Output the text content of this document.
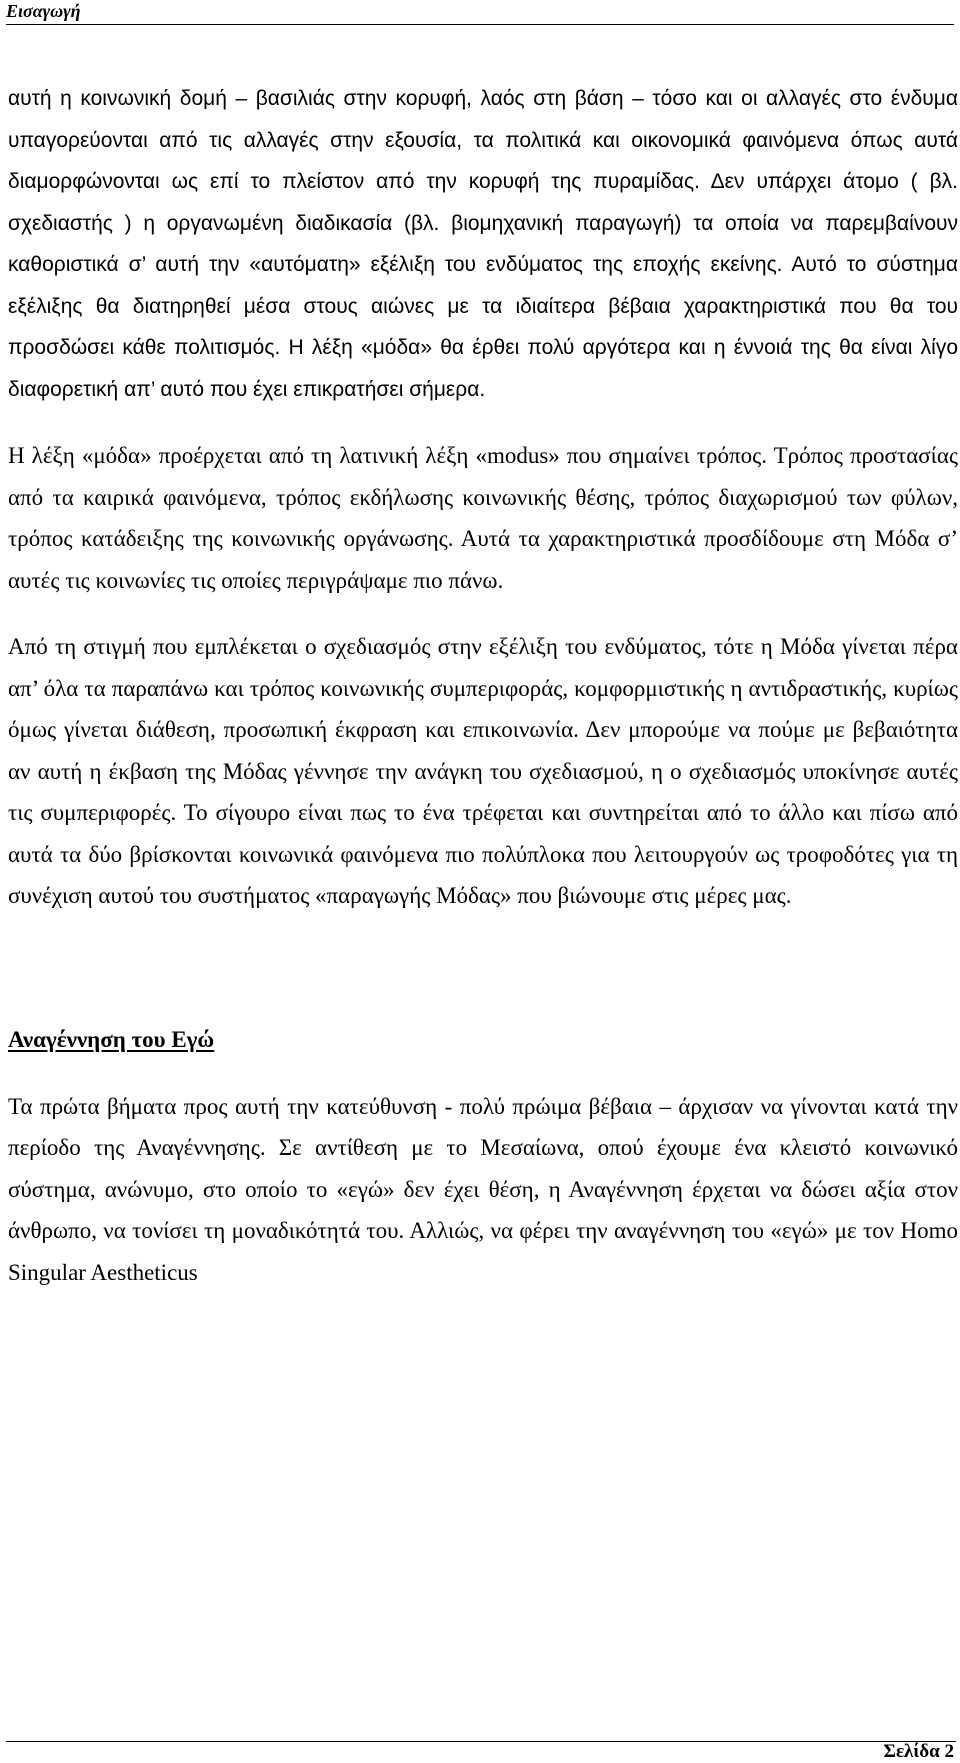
Εισαγωγή

αυτή η κοινωνική δομή – βασιλιάς στην κορυφή, λαός στη βάση – τόσο και οι αλλαγές στο ένδυμα υπαγορεύονται από τις αλλαγές στην εξουσία, τα πολιτικά και οικονομικά φαινόμενα όπως αυτά διαμορφώνονται ως επί το πλείστον από την κορυφή της πυραμίδας. Δεν υπάρχει άτομο ( βλ. σχεδιαστής ) η οργανωμένη διαδικασία (βλ. βιομηχανική παραγωγή) τα οποία να παρεμβαίνουν καθοριστικά σ’ αυτή την «αυτόματη» εξέλιξη του ενδύματος της εποχής εκείνης. Αυτό το σύστημα εξέλιξης θα διατηρηθεί μέσα στους αιώνες με τα ιδιαίτερα βέβαια χαρακτηριστικά που θα του προσδώσει κάθε πολιτισμός. Η λέξη «μόδα» θα έρθει πολύ αργότερα και η έννοιά της θα είναι λίγο διαφορετική απ’ αυτό που έχει επικρατήσει σήμερα.

Η λέξη «μόδα» προέρχεται από τη λατινική λέξη «modus» που σημαίνει τρόπος. Τρόπος προστασίας από τα καιρικά φαινόμενα, τρόπος εκδήλωσης κοινωνικής θέσης, τρόπος διαχωρισμού των φύλων, τρόπος κατάδειξης της κοινωνικής οργάνωσης. Αυτά τα χαρακτηριστικά προσδίδουμε στη Μόδα σ’ αυτές τις κοινωνίες τις οποίες περιγράψαμε πιο πάνω.

Από τη στιγμή που εμπλέκεται ο σχεδιασμός στην εξέλιξη του ενδύματος, τότε η Μόδα γίνεται πέρα απ’ όλα τα παραπάνω και τρόπος κοινωνικής συμπεριφοράς, κομφορμιστικής η αντιδραστικής, κυρίως όμως γίνεται διάθεση, προσωπική έκφραση και επικοινωνία. Δεν μπορούμε να πούμε με βεβαιότητα αν αυτή η έκβαση της Μόδας γέννησε την ανάγκη του σχεδιασμού, η ο σχεδιασμός υποκίνησε αυτές τις συμπεριφορές. Το σίγουρο είναι πως το ένα τρέφεται και συντηρείται από το άλλο και πίσω από αυτά τα δύο βρίσκονται κοινωνικά φαινόμενα πιο πολύπλοκα που λειτουργούν ως τροφοδότες για τη συνέχιση αυτού του συστήματος «παραγωγής Μόδας» που βιώνουμε στις μέρες μας.

Αναγέννηση του Εγώ

Τα πρώτα βήματα προς αυτή την κατεύθυνση - πολύ πρώιμα βέβαια – άρχισαν να γίνονται κατά την περίοδο της Αναγέννησης. Σε αντίθεση με το Μεσαίωνα, οπού έχουμε ένα κλειστό κοινωνικό σύστημα, ανώνυμο, στο οποίο το «εγώ» δεν έχει θέση, η Αναγέννηση έρχεται να δώσει αξία στον άνθρωπο, να τονίσει τη μοναδικότητά του. Αλλιώς, να φέρει την αναγέννηση του «εγώ» με τον Homo Singular Aestheticus

Σελίδα 2
